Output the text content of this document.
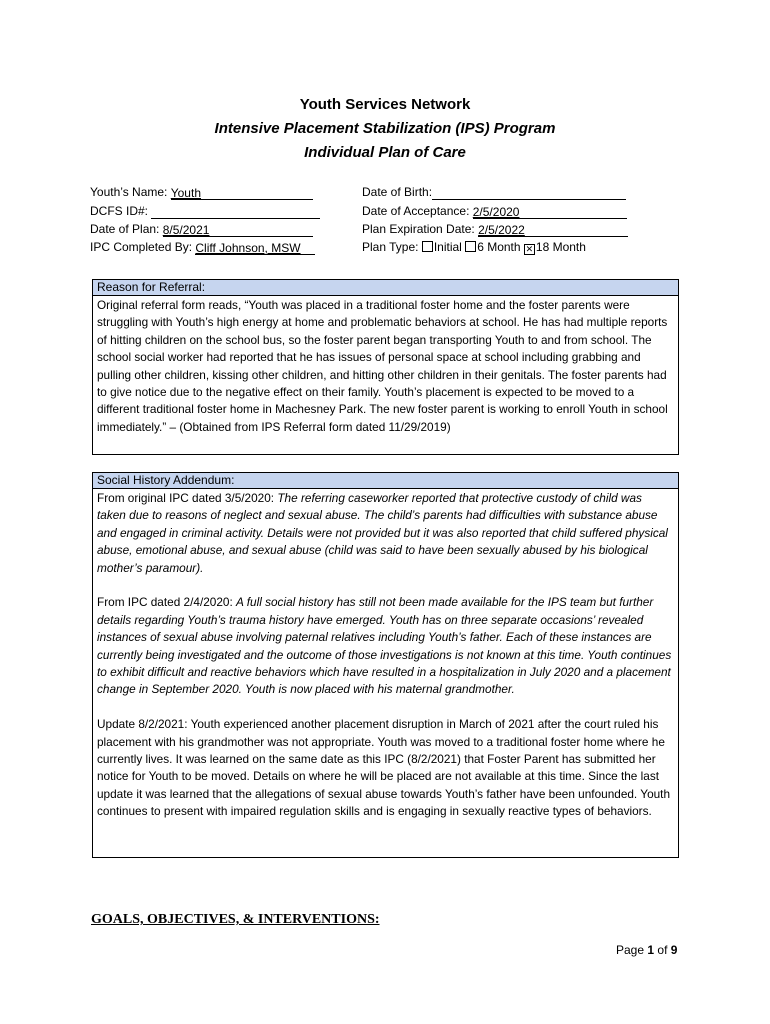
Youth Services Network
Intensive Placement Stabilization (IPS) Program
Individual Plan of Care
Youth’s Name: Youth
DCFS ID#:
Date of Plan: 8/5/2021
IPC Completed By: Cliff Johnson, MSW
Date of Birth:
Date of Acceptance: 2/5/2020
Plan Expiration Date: 2/5/2022
Plan Type: Initial 6 Month ✕ 18 Month
Reason for Referral:

Original referral form reads, “Youth was placed in a traditional foster home and the foster parents were struggling with Youth’s high energy at home and problematic behaviors at school. He has had multiple reports of hitting children on the school bus, so the foster parent began transporting Youth to and from school. The school social worker had reported that he has issues of personal space at school including grabbing and pulling other children, kissing other children, and hitting other children in their genitals. The foster parents had to give notice due to the negative effect on their family. Youth’s placement is expected to be moved to a different traditional foster home in Machesney Park. The new foster parent is working to enroll Youth in school immediately.” – (Obtained from IPS Referral form dated 11/29/2019)

Social History Addendum:

From original IPC dated 3/5/2020: The referring caseworker reported that protective custody of child was taken due to reasons of neglect and sexual abuse. The child’s parents had difficulties with substance abuse and engaged in criminal activity. Details were not provided but it was also reported that child suffered physical abuse, emotional abuse, and sexual abuse (child was said to have been sexually abused by his biological mother’s paramour).

From IPC dated 2/4/2020: A full social history has still not been made available for the IPS team but further details regarding Youth’s trauma history have emerged. Youth has on three separate occasions’ revealed instances of sexual abuse involving paternal relatives including Youth’s father. Each of these instances are currently being investigated and the outcome of those investigations is not known at this time. Youth continues to exhibit difficult and reactive behaviors which have resulted in a hospitalization in July 2020 and a placement change in September 2020. Youth is now placed with his maternal grandmother.

Update 8/2/2021: Youth experienced another placement disruption in March of 2021 after the court ruled his placement with his grandmother was not appropriate. Youth was moved to a traditional foster home where he currently lives. It was learned on the same date as this IPC (8/2/2021) that Foster Parent has submitted her notice for Youth to be moved. Details on where he will be placed are not available at this time. Since the last update it was learned that the allegations of sexual abuse towards Youth’s father have been unfounded. Youth continues to present with impaired regulation skills and is engaging in sexually reactive types of behaviors.

GOALS, OBJECTIVES, & INTERVENTIONS:
Page 1 of 9
